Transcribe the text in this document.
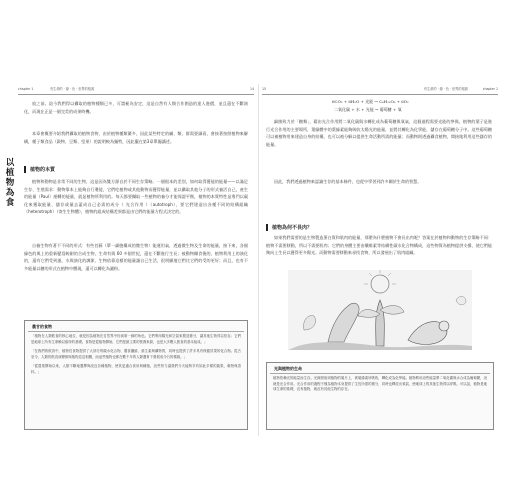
chapter 1	有生命的 · 綠 · 色 · 世界的根源	14
以
植
物
為
食
放之前。給今我們得以攝取的植物種類已多，可謂極為安定，這是自然有人類合作創造的達人進價，並且還在不斷演化，而現在正是一個完美的成果時機。
本章會概要介紹我們攝取的植物食物，由於植物種類繁多，因此某些特定的屬、類、群需要細看，會接著按照植物來解構，種子類食品（穀物、豆類、堅果）的說明較為獨特，因此擺在第3章單獨講述。
植物的本質
植物和動物是非常不同的生物，這是因為雙方源自於不同生存策略。一個根本的差別，如何取得獲能的能量——以滿足生存、生殖需求：動物靠本上能夠自行遷徙，它們吃植物或其他動物而獲得能量，並以攝取其他分子的形式養活自己，產生的能量（Paul）運轉的能量，就是植物所利用的。每天都要攝取一些植物的養分才能保證平衡，植物的本質特性是專門以碳化來獲取能量、儲存或量去蓋成自己必需的成分（ 光合作用 ）（autotroph），要它們建造出各種不同的結構組織（heterotroph）（寄生生物體），植物的組成結構差異都是由它們的能量方程式決定的。
自養生物有著不不同的形式：有些苔蘚（單一細胞構成的微生物）能運用氣，透過微生物及生命的能量，接下來，各個綠色的與上的重新變爲較耐的合成生物，生命有與 60 多個世紀，還在不斷進行生長；被動物攝食後的，植物利用上的演化的，還有它們受到風、水與演化的調節，生物依靠這樣的能量讓自己生活，很明顯地它們比它們的受的更好；而且，也有不多能量以糖的形式在植物中體現，還可以轉化為澱粉。
農甘的食物
「植物在人類飲食的核心地位，就是因為植物在自然界中扮演第一線的角色。它們利用陽光和空氣來製造養分，讓其他生物得以依存；它們是地球上所有生命賴以維持的基礎。食物是從植物開始，它們是最主要的營養來源，也是大多數人飲食的基本組成。」
「在我們的飲食中，植物性食物提供了大部分的碳水化合物、膳食纖維、維生素與礦物質，同時也提供了許多具有保健效果的化合物。從古至今，人類的飲食演變都與植物息息相關，而這些植物也都在數千年的人類選育下發展成今日的樣貌。」
「從農業開始以來，人類不斷地選擇與改良各種植物，使其更適合食用與種植，這些努力讓我們今天能夠享有如此多樣的蔬果、穀物與香料。」
有生命的 · 綠 · 色 · 世界的根源	chapter 1
15
6CO₂ + 6H₂O + 光能 → C₆H₁₂O₆ + 6O₂
二氧化碳 + 水 + 光能 → 葡萄糖 + 氧
細菌致力於「糖類」，藉由光合作用將二氧化碳與水轉化成為葡萄糖與氧氣，這個過程需要光能的參與。植物的葉子是進行光合作用的主要場所，葉綠體中的葉綠素能夠吸收太陽光的能量，並將其轉化為化學能，儲存在葡萄糖分子中。這些葡萄糖可以被植物用來建造自身的結構，也可以被分解以提供生命活動所需的能量；而動物則透過攝食植物，間接地利用這些儲存的能量。
因此，我們透過植物來認識生存的基本條件，也從中學習到許多關於生命的智慧。
植物為何不長肉？
如果我們需要的是生物製造蛋白質和肌肉的能量，那麼為什麼植物不會長出肉呢？答案在於植物和動物的生存策略不同：植物不需要移動，所以不需要肌肉；它們的身體主要由纖維素等結構性碳水化合物構成，這些物質為植物提供支撐，使它們能夠向上生長以獲得更多陽光。而動物需要移動來尋找食物，所以發展出了肌肉組織。
光與植物的生命
植物依賴光的能量而生存。光線照射到植物的葉片上，被葉綠素所吸收，轉化成為化學能。植物利用這些能量將二氧化碳與水合成為葡萄糖，這就是光合作用。光合作用的過程不僅為植物本身提供了生長所需的養分，同時也釋放出氧氣，使地球上的其他生物得以呼吸。可以說，植物是地球生命的基礎，沒有植物，就沒有其他生物的存在。
